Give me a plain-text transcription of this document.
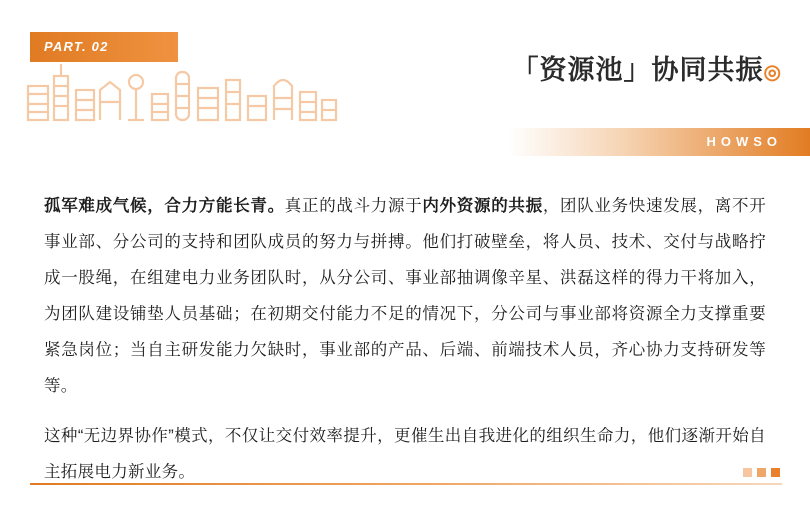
PART. 02
「资源池」协同共振◎
HOWSO

孤军难成气候，合力方能长青。真正的战斗力源于内外资源的共振，团队业务快速发展，离不开事业部、分公司的支持和团队成员的努力与拼搏。他们打破壁垒，将人员、技术、交付与战略拧成一股绳，在组建电力业务团队时，从分公司、事业部抽调像辛星、洪磊这样的得力干将加入，为团队建设铺垫人员基础；在初期交付能力不足的情况下，分公司与事业部将资源全力支撑重要紧急岗位；当自主研发能力欠缺时，事业部的产品、后端、前端技术人员，齐心协力支持研发等等。

这种“无边界协作”模式，不仅让交付效率提升，更催生出自我进化的组织生命力，他们逐渐开始自主拓展电力新业务。
